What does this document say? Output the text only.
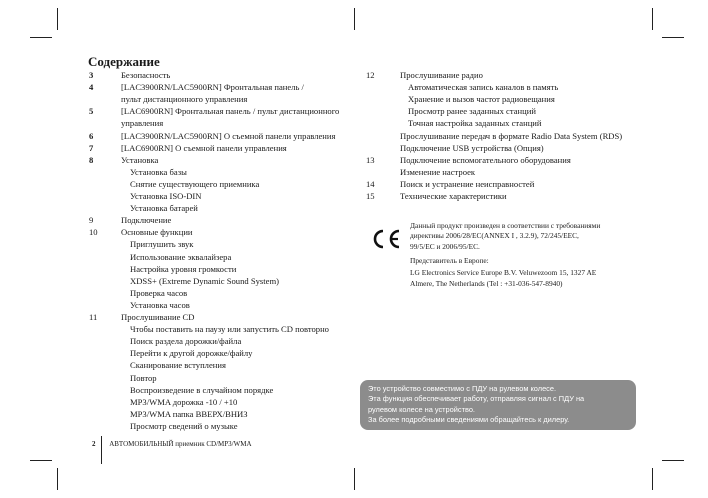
Содержание
3	Безопасность
4	[LAC3900RN/LAC5900RN] Фронтальная панель /
пульт дистанционного управления
5	[LAC6900RN] Фронтальная панель / пульт дистанционного
управления
6	[LAC3900RN/LAC5900RN] О съемной панели управления
7	[LAC6900RN] О съемной панели управления
8	Установка
Установка базы
Снятие существующего приемника
Установка ISO-DIN
Установка батарей
9	Подключение
10	Основные функции
Приглушить звук
Использование эквалайзера
Настройка уровня громкости
XDSS+ (Extreme Dynamic Sound System)
Проверка часов
Установка часов
11	Прослушивание CD
Чтобы поставить на паузу или запустить CD повторно
Поиск раздела дорожки/файла
Перейти к другой дорожке/файлу
Сканирование вступления
Повтор
Воспроизведение в случайном порядке
MP3/WMA дорожка -10 / +10
MP3/WMA папка ВВЕРХ/ВНИЗ
Просмотр сведений о музыке
12	Прослушивание радио
Автоматическая запись каналов в память
Хранение и вызов частот радиовещания
Просмотр ранее заданных станций
Точная настройка заданных станций
Прослушивание передач в формате Radio Data System (RDS)
Подключение USB устройства (Опция)
13	Подключение вспомогательного оборудования
Изменение настроек
14	Поиск и устранение неисправностей
15	Технические характеристики
Данный продукт произведен в соответствии с требованиями
директивы 2006/28/EC(ANNEX I , 3.2.9), 72/245/EEC,
99/5/EC и 2006/95/EC.
Представитель в Европе:
LG Electronics Service Europe B.V. Veluwezoom 15, 1327 AE
Almere, The Netherlands (Tel : +31-036-547-8940)
Это устройство совместимо с ПДУ на рулевом колесе.
Эта функция обеспечивает работу, отправляя сигнал с ПДУ на
рулевом колесе на устройство.
За более подробными сведениями обращайтесь к дилеру.
2 АВТОМОБИЛЬНЫЙ приемник CD/MP3/WMA
